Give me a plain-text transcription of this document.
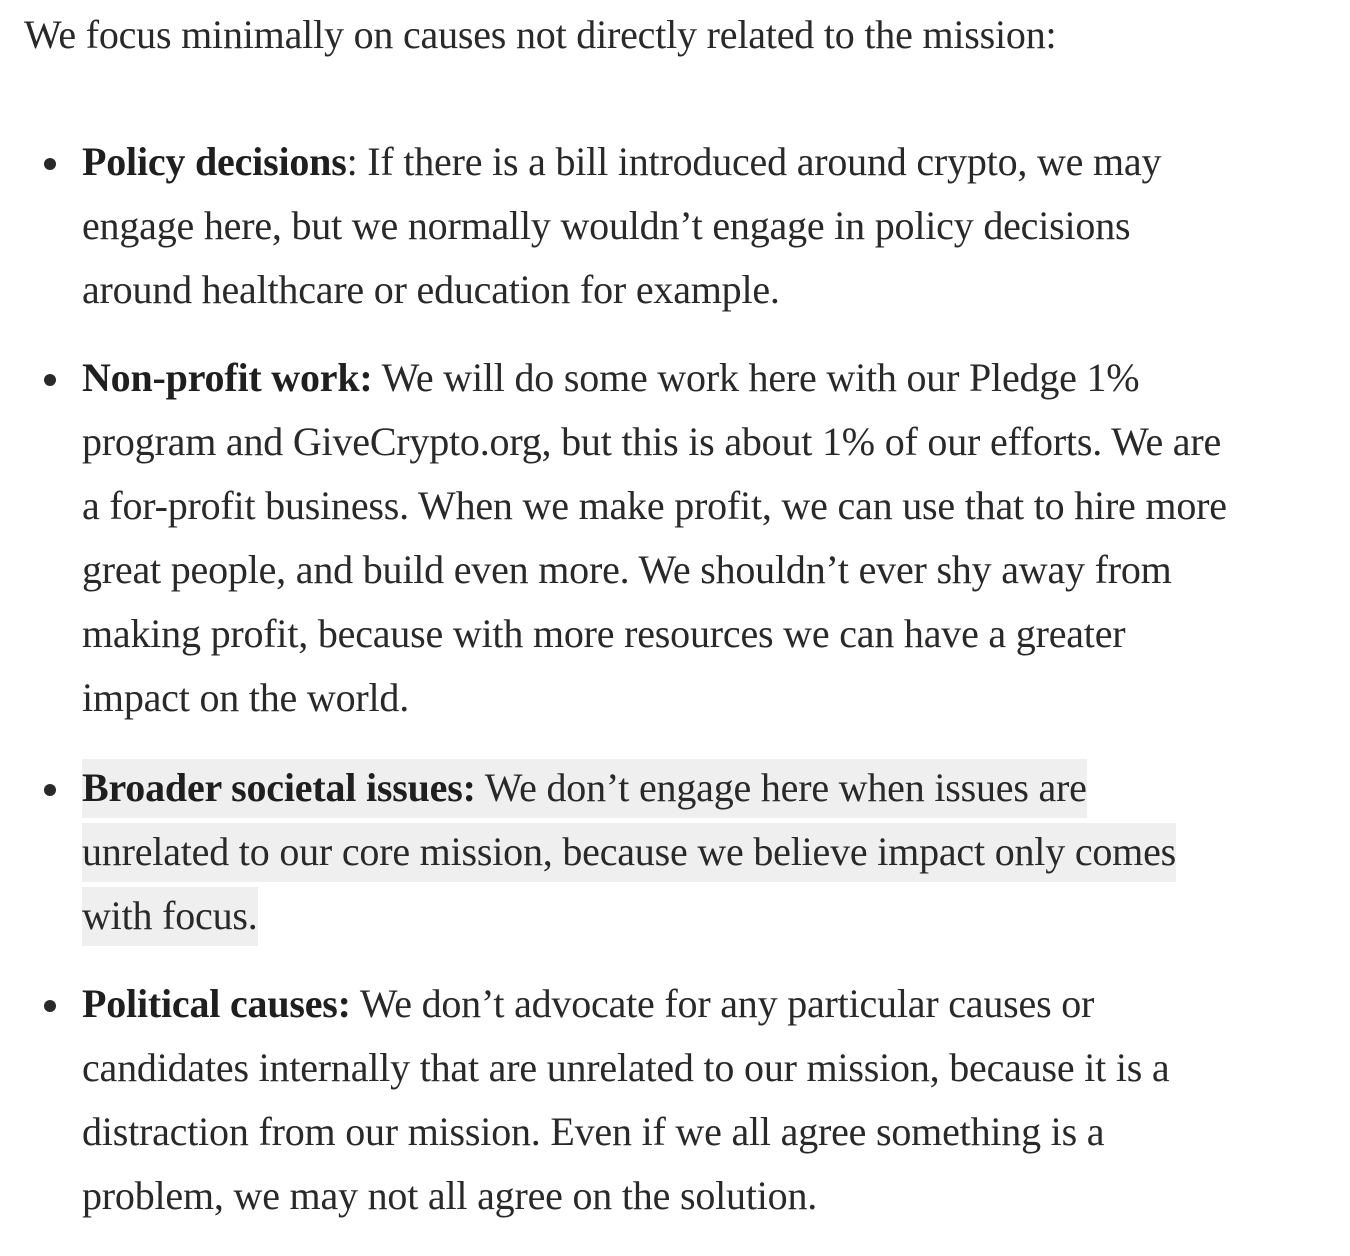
We focus minimally on causes not directly related to the mission:

Policy decisions: If there is a bill introduced around crypto, we may
engage here, but we normally wouldn’t engage in policy decisions
around healthcare or education for example.
Non-profit work: We will do some work here with our Pledge 1%
program and GiveCrypto.org, but this is about 1% of our efforts. We are
a for-profit business. When we make profit, we can use that to hire more
great people, and build even more. We shouldn’t ever shy away from
making profit, because with more resources we can have a greater
impact on the world.
Broader societal issues: We don’t engage here when issues are
unrelated to our core mission, because we believe impact only comes
with focus.
Political causes: We don’t advocate for any particular causes or
candidates internally that are unrelated to our mission, because it is a
distraction from our mission. Even if we all agree something is a
problem, we may not all agree on the solution.
